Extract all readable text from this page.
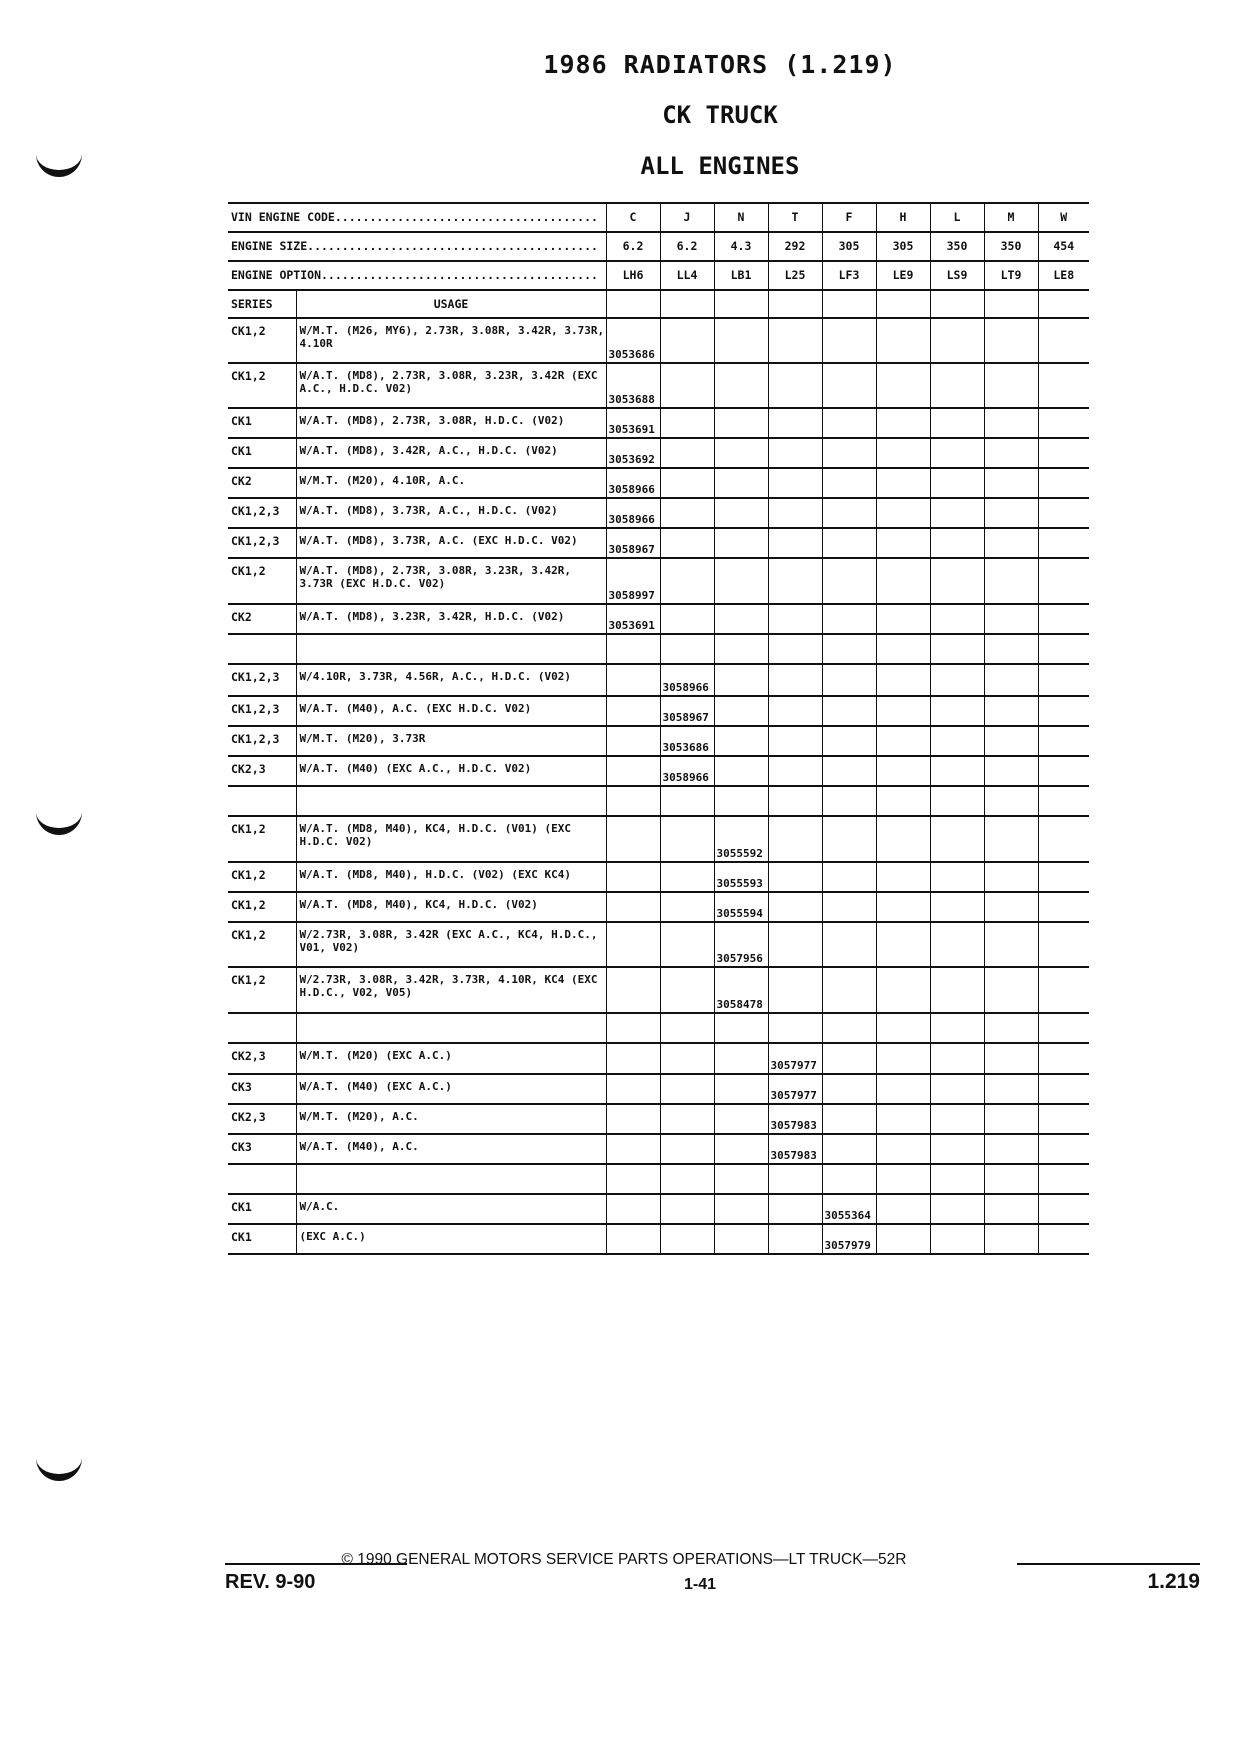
1986 RADIATORS (1.219)
CK TRUCK
ALL ENGINES
VIN ENGINE CODE......................................		C	J	N	T	F	H	L	M	W
ENGINE SIZE..........................................		6.2	6.2	4.3	292	305	305	350	350	454
ENGINE OPTION........................................		LH6	LL4	LB1	L25	LF3	LE9	LS9	LT9	LE8
SERIES	USAGE									
CK1,2	W/M.T. (M26, MY6), 2.73R, 3.08R, 3.42R, 3.73R, 4.10R	3053686								
CK1,2	W/A.T. (MD8), 2.73R, 3.08R, 3.23R, 3.42R (EXC A.C., H.D.C. V02)	3053688								
CK1	W/A.T. (MD8), 2.73R, 3.08R, H.D.C. (V02)	3053691								
CK1	W/A.T. (MD8), 3.42R, A.C., H.D.C. (V02)	3053692								
CK2	W/M.T. (M20), 4.10R, A.C.	3058966								
CK1,2,3	W/A.T. (MD8), 3.73R, A.C., H.D.C. (V02)	3058966								
CK1,2,3	W/A.T. (MD8), 3.73R, A.C. (EXC H.D.C. V02)	3058967								
CK1,2	W/A.T. (MD8), 2.73R, 3.08R, 3.23R, 3.42R, 3.73R (EXC H.D.C. V02)	3058997								
CK2	W/A.T. (MD8), 3.23R, 3.42R, H.D.C. (V02)	3053691								

CK1,2,3	W/4.10R, 3.73R, 4.56R, A.C., H.D.C. (V02)		3058966							
CK1,2,3	W/A.T. (M40), A.C. (EXC H.D.C. V02)		3058967							
CK1,2,3	W/M.T. (M20), 3.73R		3053686							
CK2,3	W/A.T. (M40) (EXC A.C., H.D.C. V02)		3058966							

CK1,2	W/A.T. (MD8, M40), KC4, H.D.C. (V01) (EXC H.D.C. V02)			3055592						
CK1,2	W/A.T. (MD8, M40), H.D.C. (V02) (EXC KC4)			3055593						
CK1,2	W/A.T. (MD8, M40), KC4, H.D.C. (V02)			3055594						
CK1,2	W/2.73R, 3.08R, 3.42R (EXC A.C., KC4, H.D.C., V01, V02)			3057956						
CK1,2	W/2.73R, 3.08R, 3.42R, 3.73R, 4.10R, KC4 (EXC H.D.C., V02, V05)			3058478						

CK2,3	W/M.T. (M20) (EXC A.C.)				3057977					
CK3	W/A.T. (M40) (EXC A.C.)				3057977					
CK2,3	W/M.T. (M20), A.C.				3057983					
CK3	W/A.T. (M40), A.C.				3057983					

CK1	W/A.C.					3055364				
CK1	(EXC A.C.)					3057979				
© 1990 GENERAL MOTORS SERVICE PARTS OPERATIONS—LT TRUCK—52R
REV. 9-90	1-41	1.219
